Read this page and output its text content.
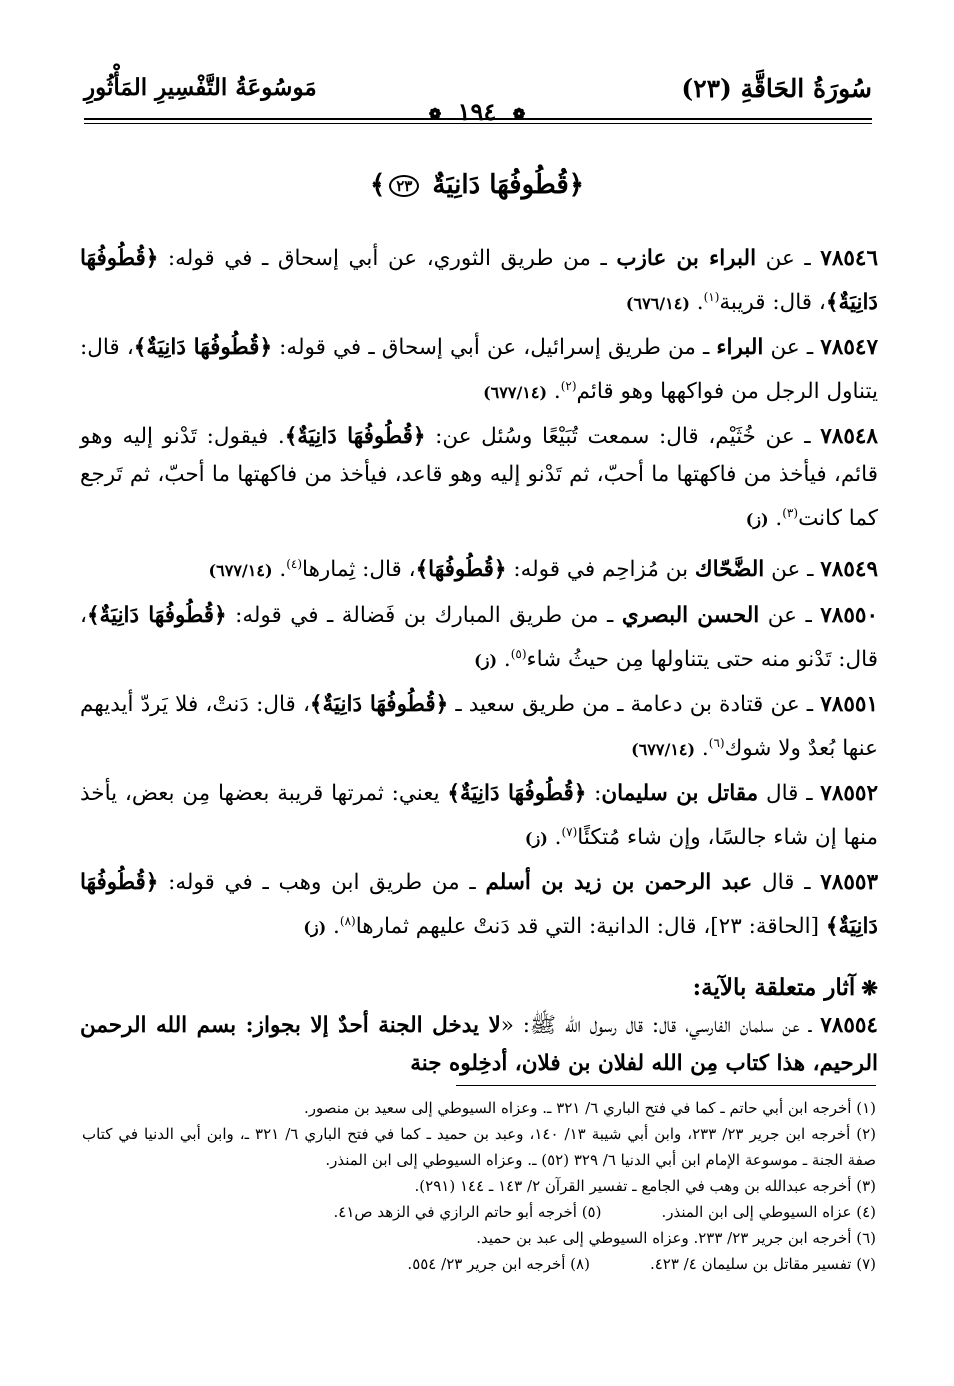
سُورَةُ الحَاقَّةِ (٢٣)
مَوسُوعَةُ التَّفْسِيرِ المَأْثُورِ
❁ ١٩٤ ❁
﴿قُطُوفُهَا دَانِيَةٌ ٢٣﴾

٧٨٥٤٦ ـ عن البراء بن عازب ـ من طريق الثوري، عن أبي إسحاق ـ في قوله: ﴿قُطُوفُهَا دَانِيَةٌ﴾، قال: قريبة$^{(١)}$. (٦٧٦/١٤)

٧٨٥٤٧ ـ عن البراء ـ من طريق إسرائيل، عن أبي إسحاق ـ في قوله: ﴿قُطُوفُهَا دَانِيَةٌ﴾، قال: يتناول الرجل من فواكهها وهو قائم$^{(٢)}$. (٦٧٧/١٤)

٧٨٥٤٨ ـ عن خُثَيْم، قال: سمعت تُبَيْعًا وسُئل عن: ﴿قُطُوفُهَا دَانِيَةٌ﴾. فيقول: تَدْنو إليه وهو قائم، فيأخذ من فاكهتها ما أحبّ، ثم تَدْنو إليه وهو قاعد، فيأخذ من فاكهتها ما أحبّ، ثم تَرجع كما كانت$^{(٣)}$. (ز)

٧٨٥٤٩ ـ عن الضَّحّاك بن مُزاحِم في قوله: ﴿قُطُوفُهَا﴾، قال: ثِمارها$^{(٤)}$. (٦٧٧/١٤)

٧٨٥٥٠ ـ عن الحسن البصري ـ من طريق المبارك بن فَضالة ـ في قوله: ﴿قُطُوفُهَا دَانِيَةٌ﴾، قال: تَدْنو منه حتى يتناولها مِن حيثُ شاء$^{(٥)}$. (ز)

٧٨٥٥١ ـ عن قتادة بن دعامة ـ من طريق سعيد ـ ﴿قُطُوفُهَا دَانِيَةٌ﴾، قال: دَنتْ، فلا يَردّ أيديهم عنها بُعدٌ ولا شوك$^{(٦)}$. (٦٧٧/١٤)

٧٨٥٥٢ ـ قال مقاتل بن سليمان: ﴿قُطُوفُهَا دَانِيَةٌ﴾ يعني: ثمرتها قريبة بعضها مِن بعض، يأخذ منها إن شاء جالسًا، وإن شاء مُتكئًا$^{(٧)}$. (ز)

٧٨٥٥٣ ـ قال عبد الرحمن بن زيد بن أسلم ـ من طريق ابن وهب ـ في قوله: ﴿قُطُوفُهَا دَانِيَةٌ﴾ [الحاقة: ٢٣]، قال: الدانية: التي قد دَنتْ عليهم ثمارها$^{(٨)}$. (ز)

❋آثار متعلقة بالآية:

٧٨٥٥٤ ـ عن سلمان الفارسي، قال: قال رسول الله ﷺ: «لا يدخل الجنة أحدٌ إلا بجواز: بسم الله الرحمن الرحيم، هذا كتاب مِن الله لفلان بن فلان، أدخِلوه جنة

(١) أخرجه ابن أبي حاتم ـ كما في فتح الباري ٦/ ٣٢١ ـ. وعزاه السيوطي إلى سعيد بن منصور.

(٢) أخرجه ابن جرير ٢٣/ ٢٣٣، وابن أبي شيبة ١٣/ ١٤٠، وعبد بن حميد ـ كما في فتح الباري ٦/ ٣٢١ ـ، وابن أبي الدنيا في كتاب صفة الجنة ـ موسوعة الإمام ابن أبي الدنيا ٦/ ٣٢٩ (٥٢) ـ. وعزاه السيوطي إلى ابن المنذر.

(٣) أخرجه عبدالله بن وهب في الجامع ـ تفسير القرآن ٢/ ١٤٣ ـ ١٤٤ (٢٩١).

(٤) عزاه السيوطي إلى ابن المنذر.
(٥) أخرجه أبو حاتم الرازي في الزهد ص٤١.

(٦) أخرجه ابن جرير ٢٣/ ٢٣٣. وعزاه السيوطي إلى عبد بن حميد.

(٧) تفسير مقاتل بن سليمان ٤/ ٤٢٣.
(٨) أخرجه ابن جرير ٢٣/ ٥٥٤.
